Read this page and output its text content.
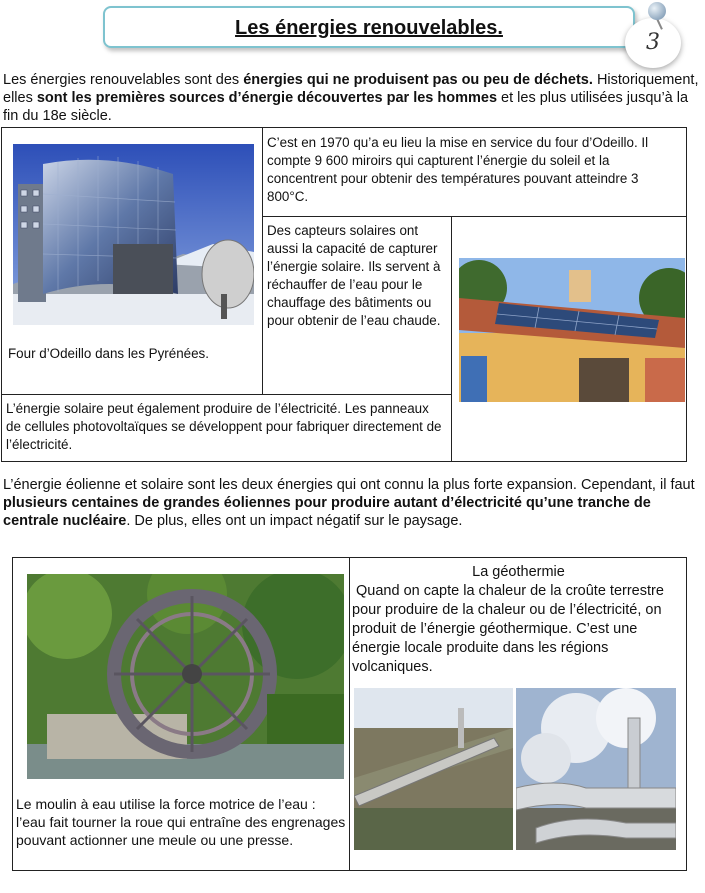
Les énergies renouvelables.
3
Les énergies renouvelables sont des énergies qui ne produisent pas ou peu de déchets. Historiquement, elles sont les premières sources d’énergie découvertes par les hommes et les plus utilisées jusqu’à la fin du 18e siècle.
Four d’Odeillo dans les Pyrénées.
C’est en 1970 qu’a eu lieu la mise en service du four d’Odeillo. Il compte 9 600 miroirs qui capturent l’énergie du soleil et la concentrent pour obtenir des températures pouvant atteindre 3 800°C.
Des capteurs solaires ont aussi la capacité de capturer l’énergie solaire. Ils servent à réchauffer de l’eau pour le chauffage des bâtiments ou pour obtenir de l’eau chaude.
L’énergie solaire peut également produire de l’électricité. Les panneaux de cellules photovoltaïques se développent pour fabriquer directement de l’électricité.
L’énergie éolienne et solaire sont les deux énergies qui ont connu la plus forte expansion. Cependant, il faut plusieurs centaines de grandes éoliennes pour produire autant d’électricité qu’une tranche de centrale nucléaire. De plus, elles ont un impact négatif sur le paysage.
Le moulin à eau utilise la force motrice de l’eau : l’eau fait tourner la roue qui entraîne des engrenages pouvant actionner une meule ou une presse.
La géothermie
Quand on capte la chaleur de la croûte terrestre pour produire de la chaleur ou de l’électricité, on produit de l’énergie géothermique. C’est une énergie locale produite dans les régions volcaniques.
